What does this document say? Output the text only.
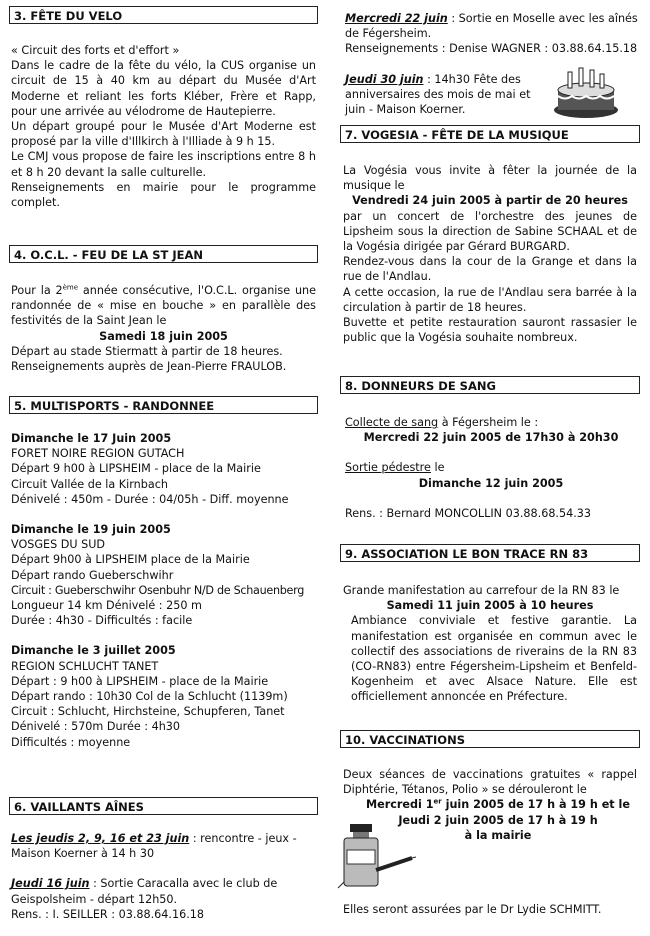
3. FÊTE DU VELO

« Circuit des forts et d'effort »

Dans le cadre de la fête du vélo, la CUS organise un circuit de 15 à 40 km au départ du Musée d'Art Moderne et reliant les forts Kléber, Frère et Rapp, pour une arrivée au vélodrome de Hautepierre.

Un départ groupé pour le Musée d'Art Moderne est proposé par la ville d'Illkirch à l'Illiade à 9 h 15.

Le CMJ vous propose de faire les inscriptions entre 8 h et 8 h 20 devant la salle culturelle.

Renseignements en mairie pour le programme complet.

4. O.C.L. - FEU DE LA ST JEAN

Pour la 2ème année consécutive, l'O.C.L. organise une randonnée de « mise en bouche » en parallèle des festivités de la Saint Jean le

Samedi 18 juin 2005

Départ au stade Stiermatt à partir de 18 heures.

Renseignements auprès de Jean-Pierre FRAULOB.

5. MULTISPORTS - RANDONNEE

Dimanche le 17 Juin 2005

FORET NOIRE REGION GUTACH

Départ 9 h00 à LIPSHEIM - place de la Mairie

Circuit Vallée de la Kirnbach

Dénivelé : 450m - Durée : 04/05h - Diff. moyenne

Dimanche le 19 juin 2005

VOSGES DU SUD

Départ 9h00 à LIPSHEIM place de la Mairie

Départ rando Gueberschwihr

Circuit : Gueberschwihr Osenbuhr N/D de Schauenberg

Longueur 14 km Dénivelé : 250 m

Durée : 4h30 - Difficultés : facile

Dimanche le 3 juillet 2005

REGION SCHLUCHT TANET

Départ : 9 h00 à LIPSHEIM - place de la Mairie

Départ rando : 10h30 Col de la Schlucht (1139m)

Circuit : Schlucht, Hirchsteine, Schupferen, Tanet

Dénivelé : 570m Durée : 4h30

Difficultés : moyenne

6. VAILLANTS AÎNES

Les jeudis 2, 9, 16 et 23 juin : rencontre - jeux - Maison Koerner à 14 h 30

Jeudi 16 juin : Sortie Caracalla avec le club de Geispolsheim - départ 12h50.

Rens. : I. SEILLER : 03.88.64.16.18

Mercredi 22 juin : Sortie en Moselle avec les aînés de Fégersheim.

Renseignements : Denise WAGNER : 03.88.64.15.18

Jeudi 30 juin : 14h30 Fête des anniversaires des mois de mai et juin - Maison Koerner.

7. VOGESIA - FÊTE DE LA MUSIQUE

La Vogésia vous invite à fêter la journée de la musique le

Vendredi 24 juin 2005 à partir de 20 heures

par un concert de l'orchestre des jeunes de Lipsheim sous la direction de Sabine SCHAAL et de la Vogésia dirigée par Gérard BURGARD.

Rendez-vous dans la cour de la Grange et dans la rue de l'Andlau.

A cette occasion, la rue de l'Andlau sera barrée à la circulation à partir de 18 heures.

Buvette et petite restauration sauront rassasier le public que la Vogésia souhaite nombreux.

8. DONNEURS DE SANG

Collecte de sang à Fégersheim le :

Mercredi 22 juin 2005 de 17h30 à 20h30

Sortie pédestre le

Dimanche 12 juin 2005

Rens. : Bernard MONCOLLIN 03.88.68.54.33

9. ASSOCIATION LE BON TRACE RN 83

Grande manifestation au carrefour de la RN 83 le

Samedi 11 juin 2005 à 10 heures

Ambiance conviviale et festive garantie. La manifestation est organisée en commun avec le collectif des associations de riverains de la RN 83 (CO-RN83) entre Fégersheim-Lipsheim et Benfeld-Kogenheim et avec Alsace Nature. Elle est officiellement annoncée en Préfecture.

10. VACCINATIONS

Deux séances de vaccinations gratuites « rappel Diphtérie, Tétanos, Polio » se dérouleront le

Mercredi 1er juin 2005 de 17 h à 19 h et le

Jeudi 2 juin 2005 de 17 h à 19 h

à la mairie

Elles seront assurées par le Dr Lydie SCHMITT.
